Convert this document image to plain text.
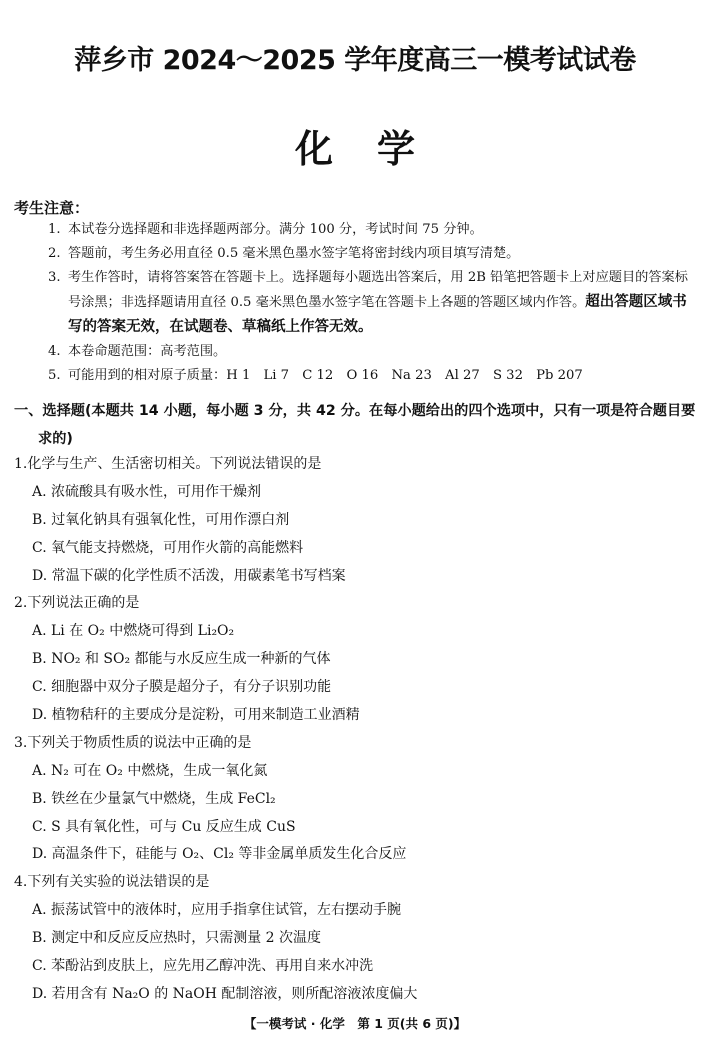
萍乡市 2024～2025 学年度高三一模考试试卷
化学
考生注意：
1. 本试卷分选择题和非选择题两部分。满分 100 分，考试时间 75 分钟。
2. 答题前，考生务必用直径 0.5 毫米黑色墨水签字笔将密封线内项目填写清楚。
3. 考生作答时，请将答案答在答题卡上。选择题每小题选出答案后，用 2B 铅笔把答题卡上对应题目的答案标号涂黑；非选择题请用直径 0.5 毫米黑色墨水签字笔在答题卡上各题的答题区域内作答。超出答题区域书写的答案无效，在试题卷、草稿纸上作答无效。
4. 本卷命题范围：高考范围。
5. 可能用到的相对原子质量：H 1　Li 7　C 12　O 16　Na 23　Al 27　S 32　Pb 207
一、选择题(本题共 14 小题，每小题 3 分，共 42 分。在每小题给出的四个选项中，只有一项是符合题目要
求的)
1.化学与生产、生活密切相关。下列说法错误的是
A. 浓硫酸具有吸水性，可用作干燥剂
B. 过氧化钠具有强氧化性，可用作漂白剂
C. 氧气能支持燃烧，可用作火箭的高能燃料
D. 常温下碳的化学性质不活泼，用碳素笔书写档案
2.下列说法正确的是
A. Li 在 O₂ 中燃烧可得到 Li₂O₂
B. NO₂ 和 SO₂ 都能与水反应生成一种新的气体
C. 细胞器中双分子膜是超分子，有分子识别功能
D. 植物秸秆的主要成分是淀粉，可用来制造工业酒精
3.下列关于物质性质的说法中正确的是
A. N₂ 可在 O₂ 中燃烧，生成一氧化氮
B. 铁丝在少量氯气中燃烧，生成 FeCl₂
C. S 具有氧化性，可与 Cu 反应生成 CuS
D. 高温条件下，硅能与 O₂、Cl₂ 等非金属单质发生化合反应
4.下列有关实验的说法错误的是
A. 振荡试管中的液体时，应用手指拿住试管，左右摆动手腕
B. 测定中和反应反应热时，只需测量 2 次温度
C. 苯酚沾到皮肤上，应先用乙醇冲洗、再用自来水冲洗
D. 若用含有 Na₂O 的 NaOH 配制溶液，则所配溶液浓度偏大
【一模考试 · 化学　第 1 页(共 6 页)】
